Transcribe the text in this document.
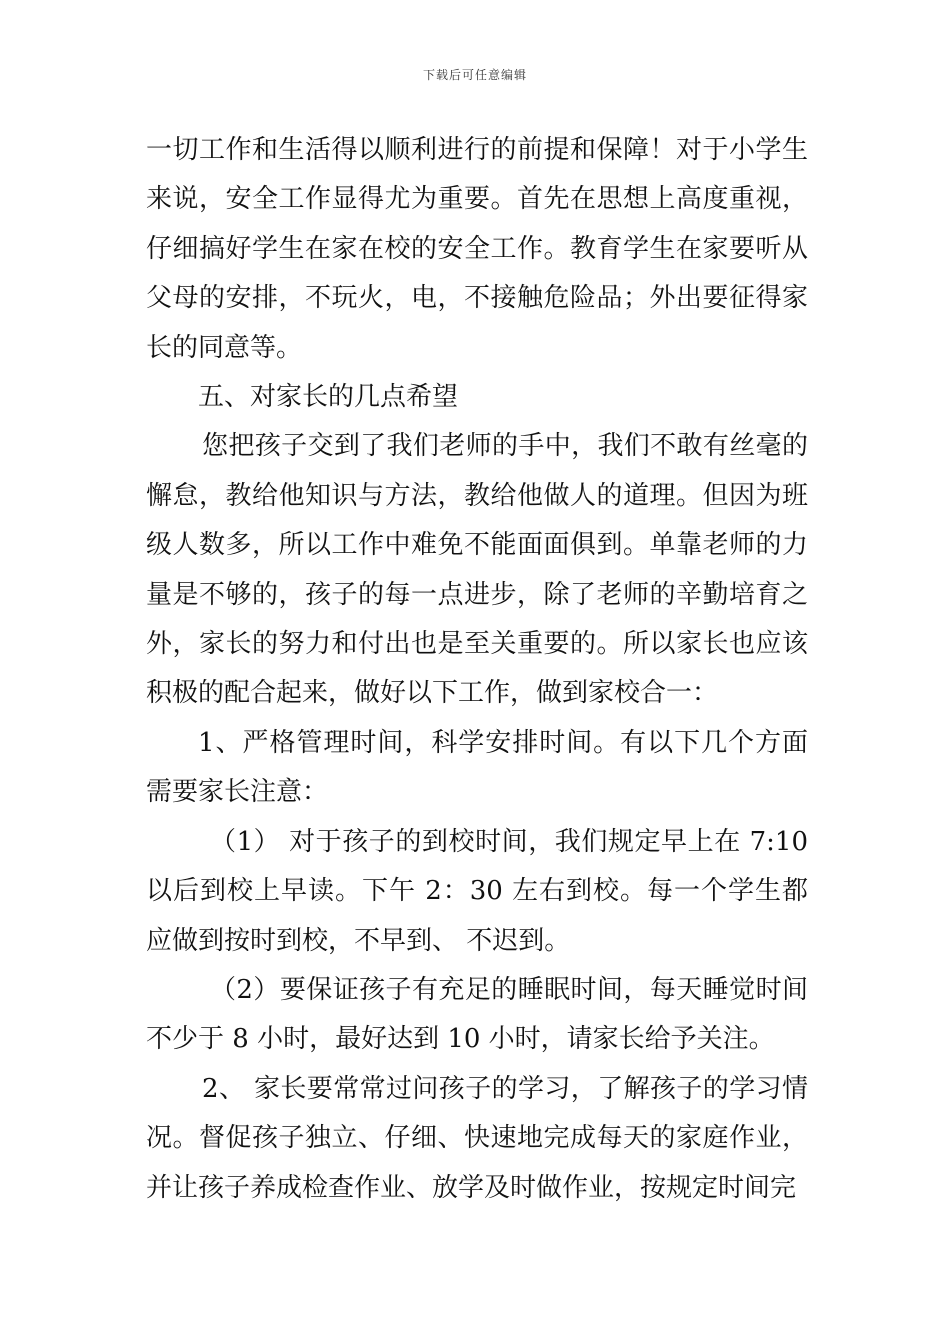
下载后可任意编辑

一切工作和生活得以顺利进行的前提和保障！对于小学生来说，安全工作显得尤为重要。首先在思想上高度重视，仔细搞好学生在家在校的安全工作。教育学生在家要听从父母的安排，不玩火，电，不接触危险品；外出要征得家长的同意等。

五、对家长的几点希望

您把孩子交到了我们老师的手中，我们不敢有丝毫的懈怠，教给他知识与方法，教给他做人的道理。但因为班级人数多，所以工作中难免不能面面俱到。单靠老师的力量是不够的，孩子的每一点进步，除了老师的辛勤培育之外，家长的努力和付出也是至关重要的。所以家长也应该积极的配合起来，做好以下工作，做到家校合一：

1、严格管理时间，科学安排时间。有以下几个方面需要家长注意：

（1） 对于孩子的到校时间，我们规定早上在 7:10 以后到校上早读。下午 2：30 左右到校。每一个学生都应做到按时到校，不早到、 不迟到。

（2）要保证孩子有充足的睡眠时间，每天睡觉时间不少于 8 小时，最好达到 10 小时，请家长给予关注。

2、 家长要常常过问孩子的学习，了解孩子的学习情况。督促孩子独立、仔细、快速地完成每天的家庭作业，并让孩子养成检查作业、放学及时做作业，按规定时间完
